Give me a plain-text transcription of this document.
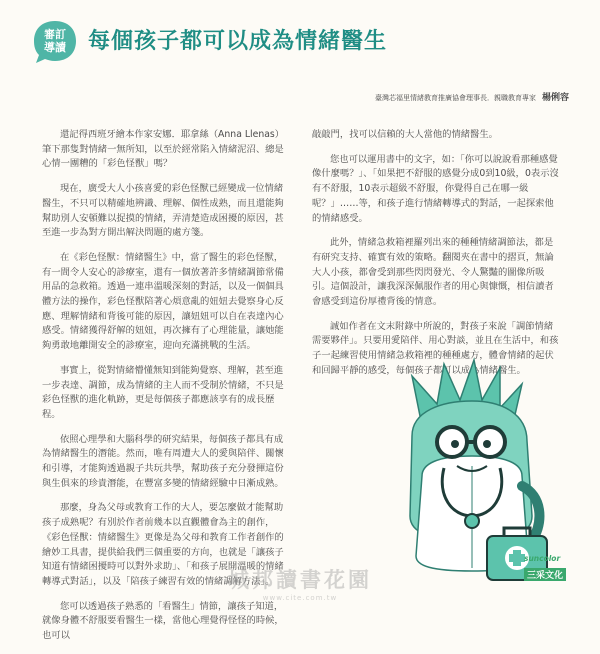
審訂
導讀	每個孩子都可以成為情緒醫生
臺灣芯福里情緒教育推廣協會理事長．親職教育專家 楊俐容

還記得西班牙繪本作家安娜．耶拿絲（Anna Llenas）筆下那隻對情緒一無所知，以至於經常陷入情緒泥沼、總是心情一團糟的「彩色怪獸」嗎？

現在，廣受大人小孩喜愛的彩色怪獸已經變成一位情緒醫生，不只可以精確地辨識、理解、個性成熟，而且還能夠幫助別人安頓難以捉摸的情緒，弄清楚造成困擾的原因，甚至進一步為對方開出解決問題的處方箋。

在《彩色怪獸：情緒醫生》中，當了醫生的彩色怪獸，有一間令人安心的診療室，還有一個放著許多情緒調節常備用品的急救箱。透過一連串溫暖深刻的對話，以及一個個具體方法的操作，彩色怪獸陪著心煩意亂的妞妞去覺察身心反應、理解情緒和背後可能的原因，讓妞妞可以自在表達內心感受。情緒獲得舒解的妞妞，再次擁有了心理能量，讓她能夠勇敢地離開安全的診療室，迎向充滿挑戰的生活。

事實上，從對情緒懵懂無知到能夠覺察、理解，甚至進一步表達、調節，成為情緒的主人而不受制於情緒，不只是彩色怪獸的進化軌跡，更是每個孩子都應該享有的成長歷程。

依照心理學和大腦科學的研究結果，每個孩子都具有成為情緒醫生的潛能。然而，唯有周遭大人的愛與陪伴、關懷和引導，才能夠透過親子共玩共學，幫助孩子充分發揮這份與生俱來的珍貴潛能，在豐富多變的情緒經驗中日漸成熟。

那麼，身為父母或教育工作的大人，要怎麼做才能幫助孩子成熟呢？有別於作者前幾本以直觀體會為主的創作，《彩色怪獸：情緒醫生》更像是為父母和教育工作者創作的繪妙工具書，提供給我們三個重要的方向，也就是「讓孩子知道有情緒困擾時可以對外求助」、「和孩子展開溫暖的情緒轉導式對話」，以及「陪孩子練習有效的情緒調解方法」。

您可以透過孩子熟悉的「看醫生」情節，讓孩子知道，就像身體不舒服要看醫生一樣，當他心理覺得怪怪的時候，也可以

敲敲門，找可以信賴的大人當他的情緒醫生。

您也可以運用書中的文字，如：「你可以說說看那種感覺像什麼嗎？」、「如果把不舒服的感覺分成0到10級，0表示沒有不舒服，10表示超級不舒服，你覺得自己在哪一級呢？」……等，和孩子進行情緒轉導式的對話，一起探索他的情緒感受。

此外，情緒急救箱裡羅列出來的種種情緒調節法，都是有研究支持、確實有效的策略。翻閱夾在書中的摺頁，無論大人小孩，都會受到那些閃閃發光、令人驚豔的圖像所吸引。這個設計，讓我深深佩服作者的用心與慷慨，相信讀者會感受到這份厚禮背後的情意。

誠如作者在文末附錄中所說的，對孩子來說「調節情緒需要夥伴」。只要用愛陪伴、用心對談，並且在生活中，和孩子一起練習使用情緒急救箱裡的種種處方，體會情緒的起伏和回歸平靜的感受，每個孩子都可以成為情緒醫生。

suncolor
三采文化
城邦讀書花園
www.cite.com.tw
